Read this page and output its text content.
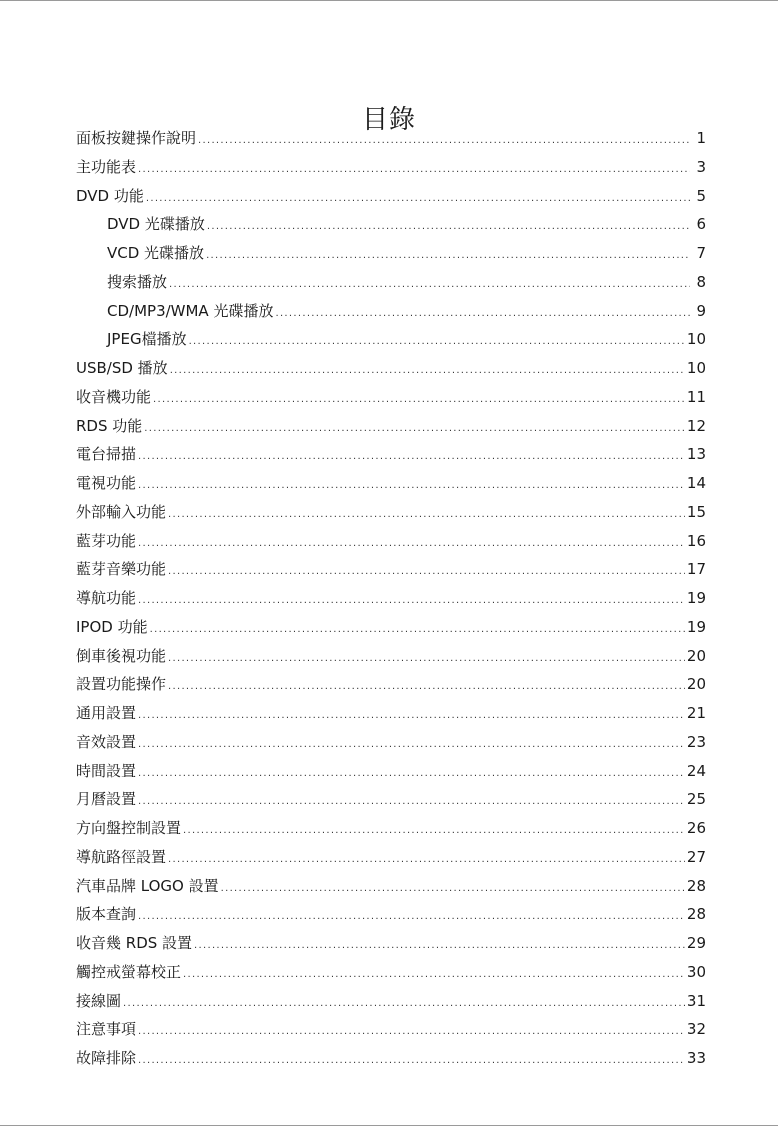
目錄
面板按鍵操作說明 .....	1
主功能表 .....	3
DVD 功能 .....	5
DVD 光碟播放 .....	6
VCD 光碟播放 .....	7
搜索播放 .....	8
CD/MP3/WMA 光碟播放 .....	9
JPEG檔播放 .....	10
USB/SD 播放 .....	10
收音機功能 .....	11
RDS 功能 .....	12
電台掃描 .....	13
電視功能 .....	14
外部輸入功能 .....	15
藍芽功能 .....	16
藍芽音樂功能 .....	17
導航功能 .....	19
IPOD 功能 .....	19
倒車後視功能 .....	20
設置功能操作 .....	20
通用設置 .....	21
音效設置 .....	23
時間設置 .....	24
月曆設置 .....	25
方向盤控制設置 .....	26
導航路徑設置 .....	27
汽車品牌 LOGO 設置 .....	28
版本查詢 .....	28
收音幾 RDS 設置 .....	29
觸控戒螢幕校正 .....	30
接線圖 .....	31
注意事項 .....	32
故障排除 .....	33
